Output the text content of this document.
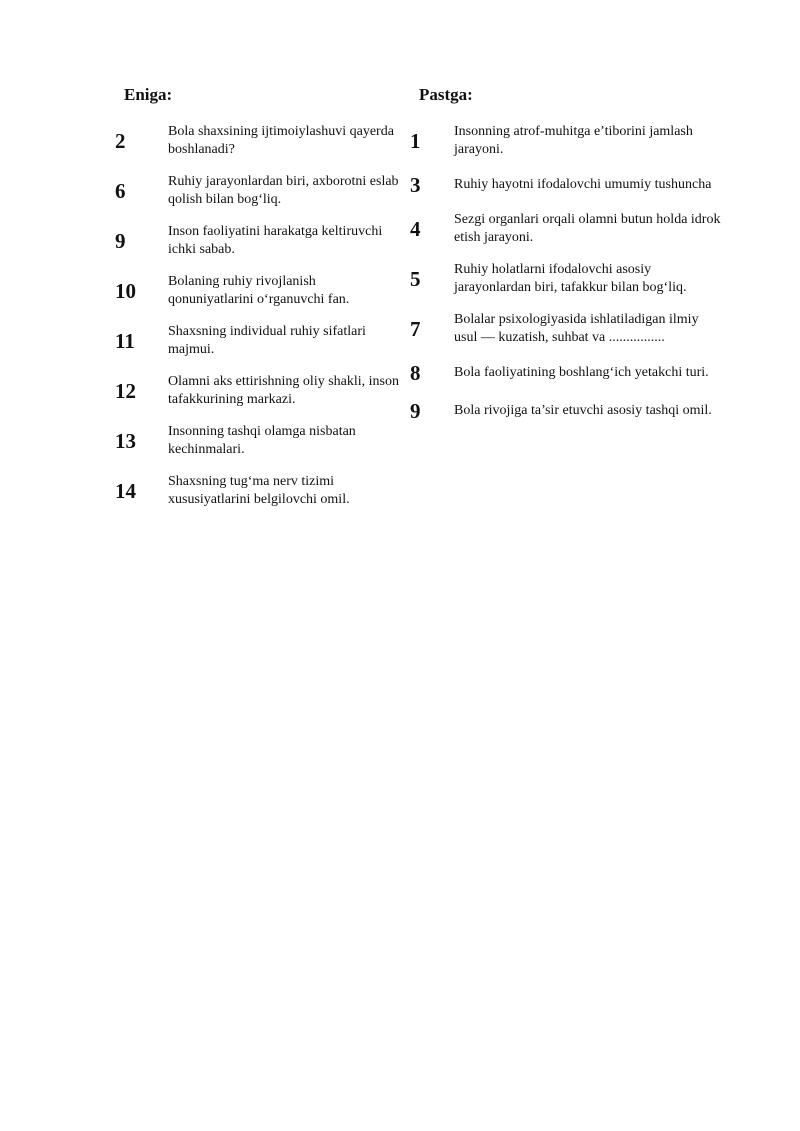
Eniga:
2	Bola shaxsining ijtimoiylashuvi qayerda boshlanadi?
6	Ruhiy jarayonlardan biri, axborotni eslab qolish bilan bog‘liq.
9	Inson faoliyatini harakatga keltiruvchi ichki sabab.
10	Bolaning ruhiy rivojlanish qonuniyatlarini o‘rganuvchi fan.
11	Shaxsning individual ruhiy sifatlari majmui.
12	Olamni aks ettirishning oliy shakli, inson tafakkurining markazi.
13	Insonning tashqi olamga nisbatan kechinmalari.
14	Shaxsning tug‘ma nerv tizimi xususiyatlarini belgilovchi omil.
Pastga:
1	Insonning atrof-muhitga e’tiborini jamlash jarayoni.
3	Ruhiy hayotni ifodalovchi umumiy tushuncha
4	Sezgi organlari orqali olamni butun holda idrok etish jarayoni.
5	Ruhiy holatlarni ifodalovchi asosiy jarayonlardan biri, tafakkur bilan bog‘liq.
7	Bolalar psixologiyasida ishlatiladigan ilmiy usul — kuzatish, suhbat va ................
8	Bola faoliyatining boshlang‘ich yetakchi turi.
9	Bola rivojiga ta’sir etuvchi asosiy tashqi omil.
